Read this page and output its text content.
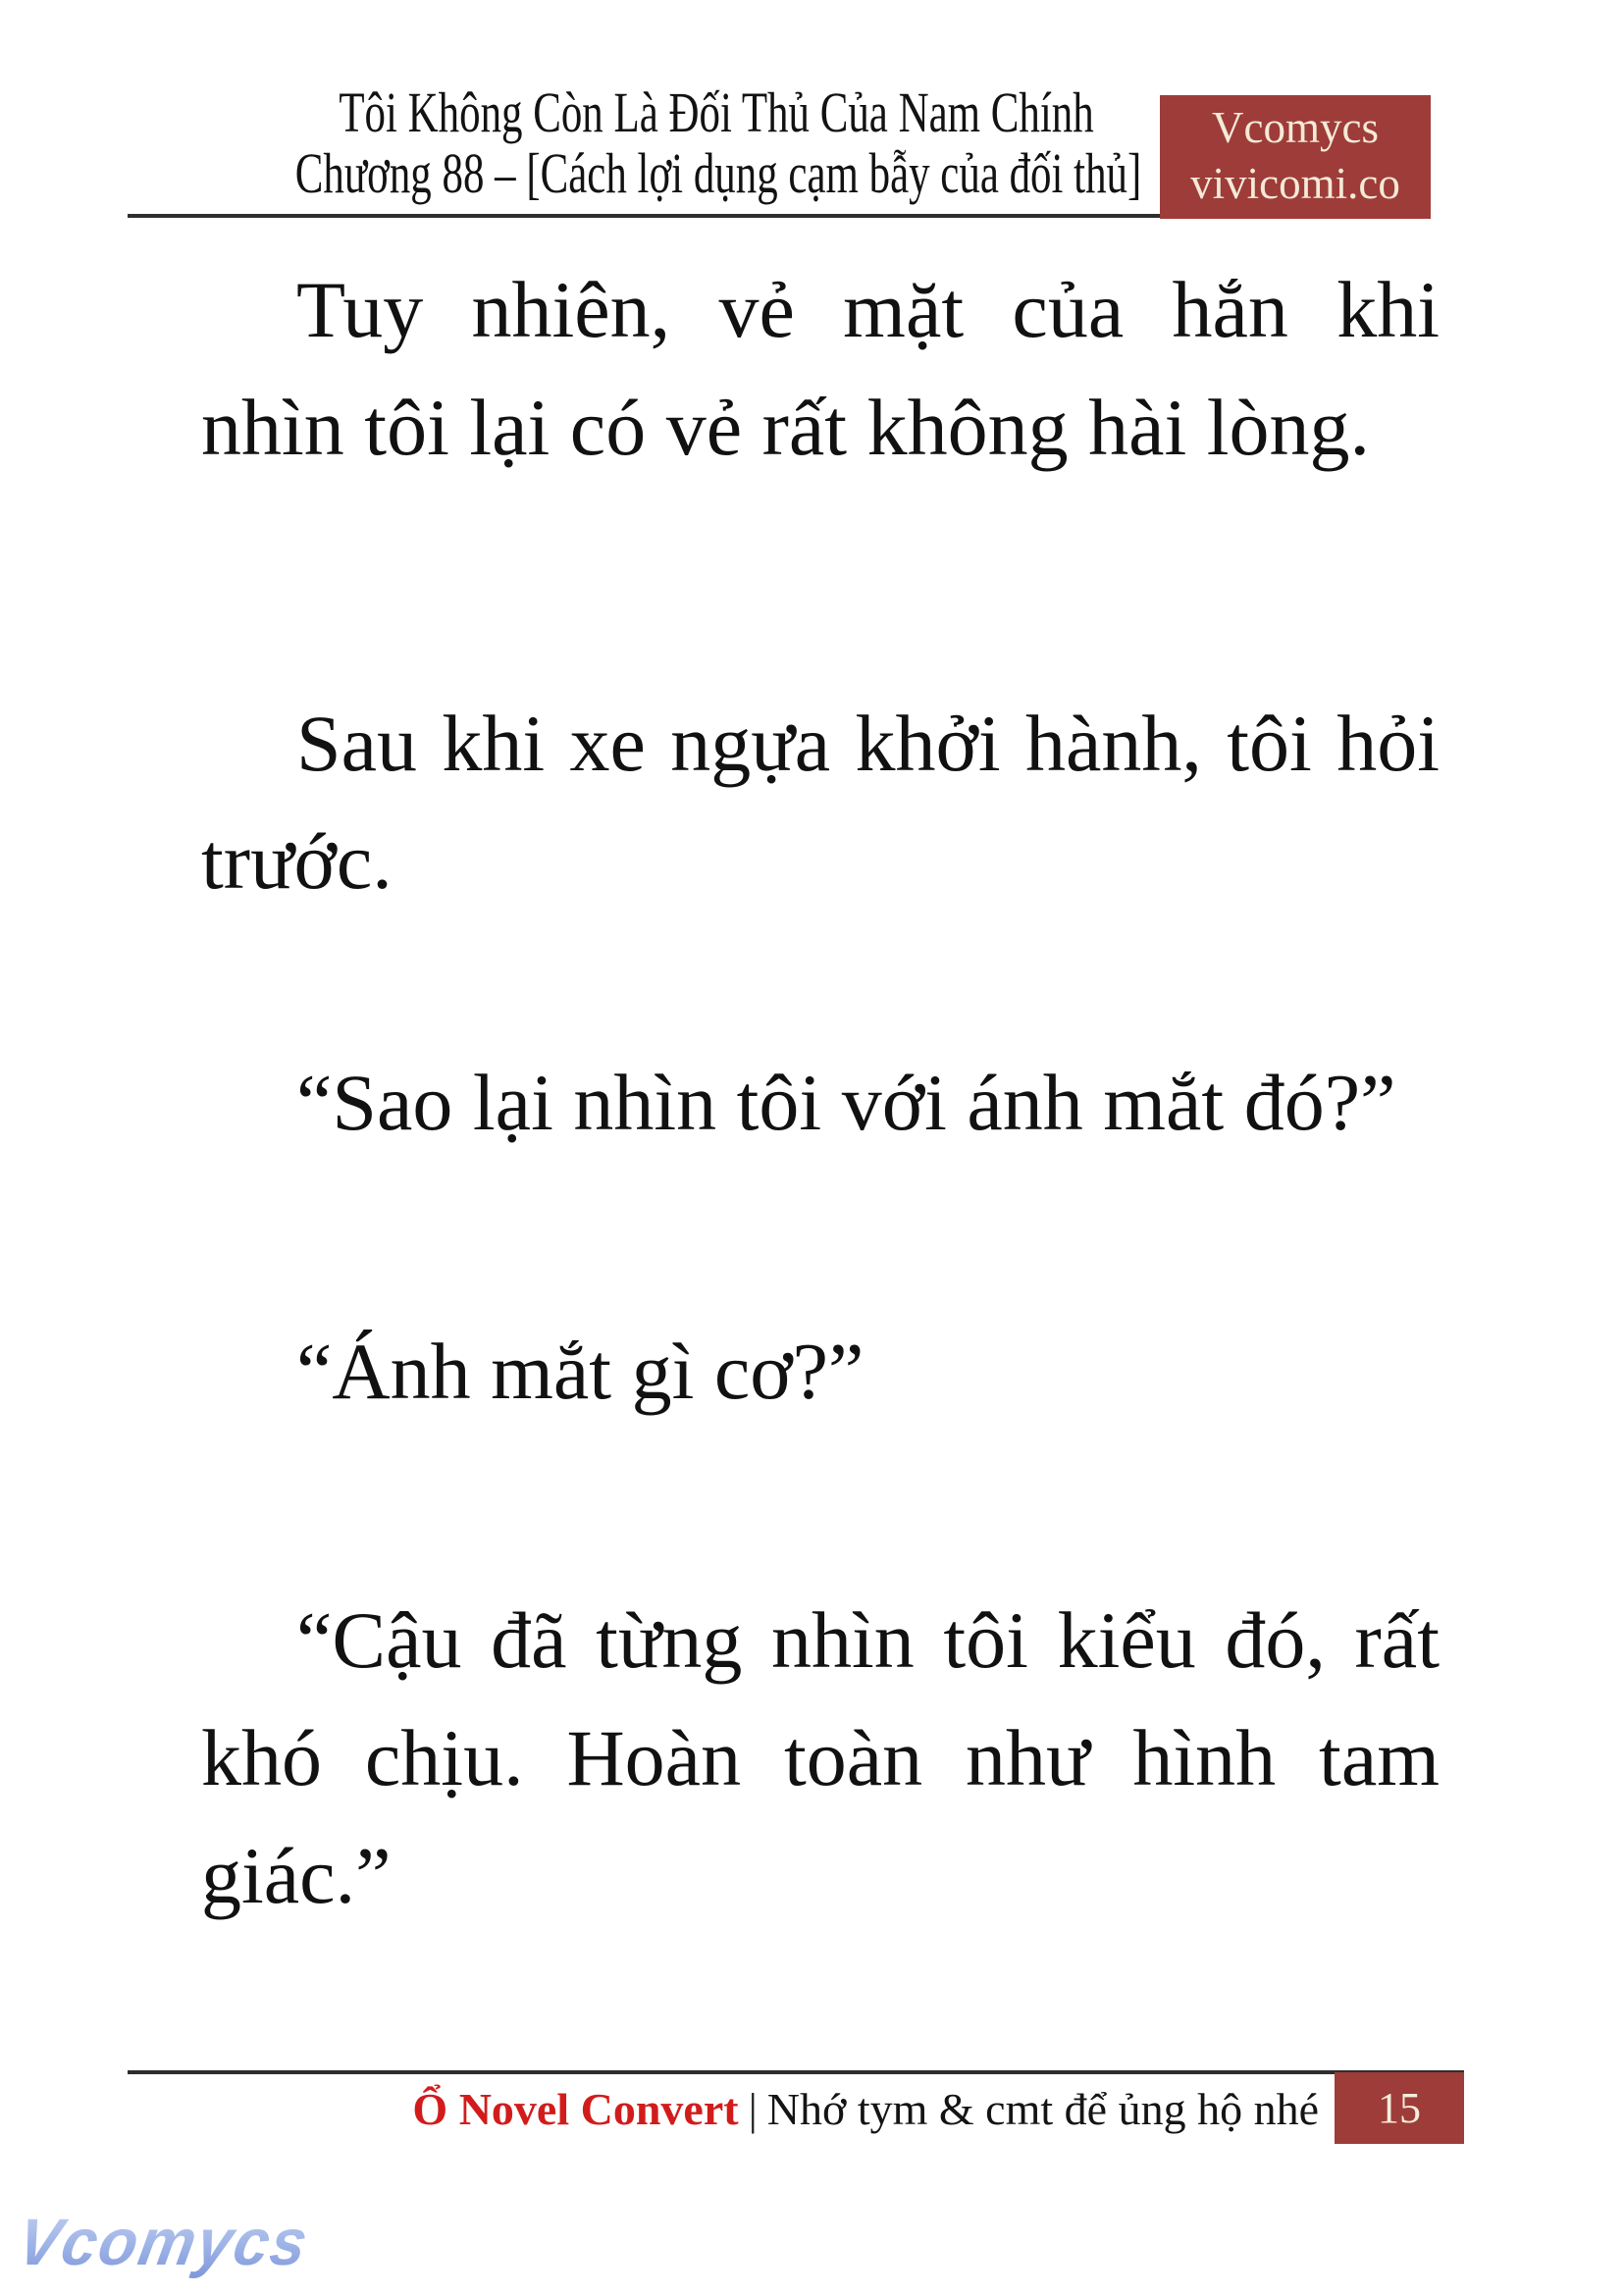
Tôi Không Còn Là Đối Thủ Của Nam Chính
Chương 88 – [Cách lợi dụng cạm bẫy của đối thủ]
Vcomycs
vivicomi.co
Tuy nhiên, vẻ mặt của hắn khi
nhìn tôi lại có vẻ rất không hài lòng.
Sau khi xe ngựa khởi hành, tôi hỏi
trước.
“Sao lại nhìn tôi với ánh mắt đó?”
“Ánh mắt gì cơ?”
“Cậu đã từng nhìn tôi kiểu đó, rất
khó chịu. Hoàn toàn như hình tam
giác.”
Ổ Novel Convert | Nhớ tym & cmt để ủng hộ nhé 15
Vcomycs
